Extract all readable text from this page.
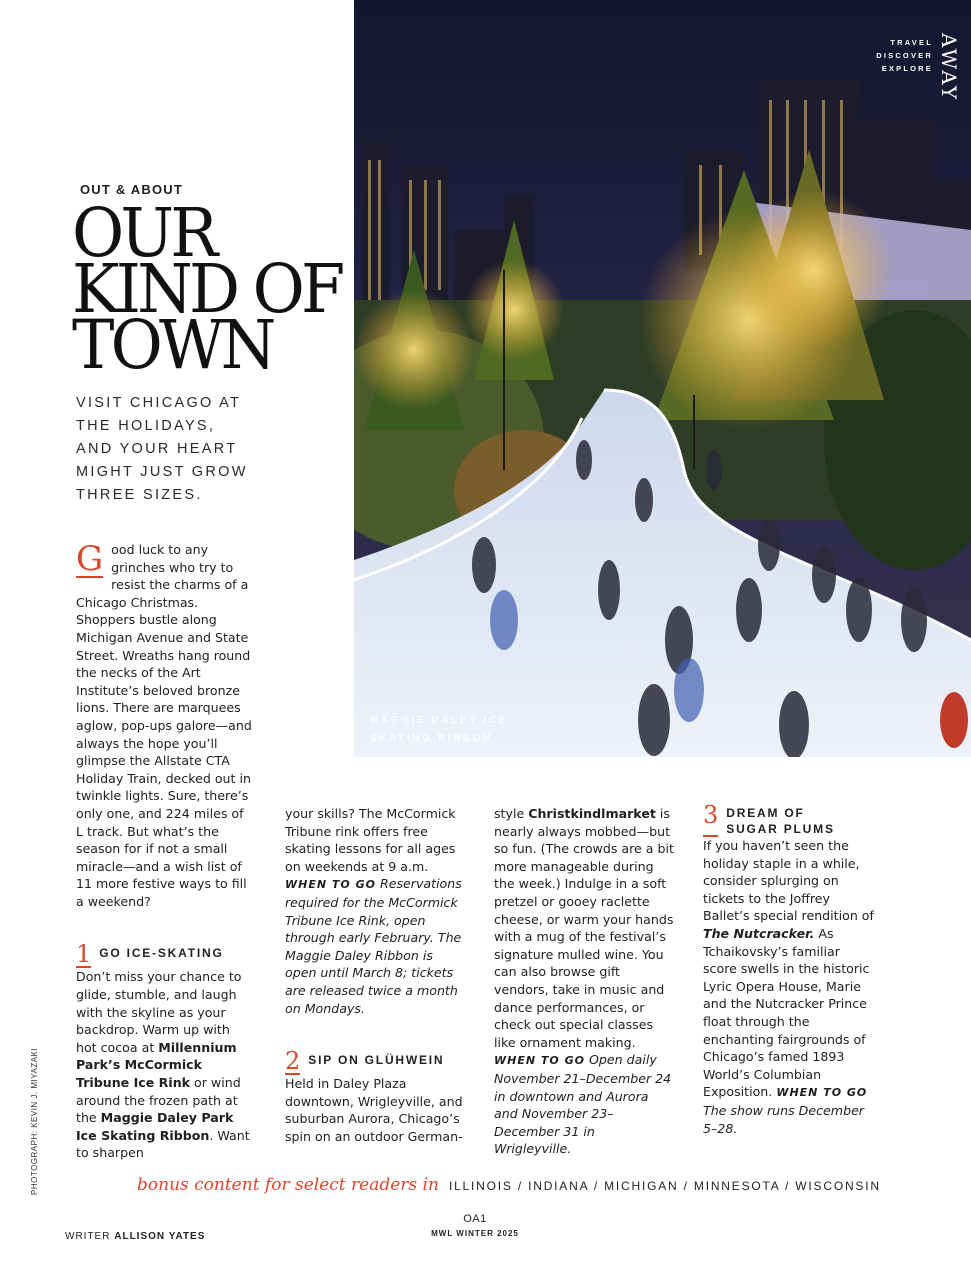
TRAVEL
DISCOVER
EXPLORE AWAY
MAGGIE DALEY ICE
SKATING RIBBON
OUT & ABOUT
OUR
KIND OF
TOWN
VISIT CHICAGO AT
THE HOLIDAYS,
AND YOUR HEART
MIGHT JUST GROW
THREE SIZES.

G ood luck to any grinches who try to resist the charms of a Chicago Christmas. Shoppers bustle along Michigan Avenue and State Street. Wreaths hang round the necks of the Art Institute’s beloved bronze lions. There are marquees aglow, pop-ups galore—and always the hope you’ll glimpse the Allstate CTA Holiday Train, decked out in twinkle lights. Sure, there’s only one, and 224 miles of L track. But what’s the season for if not a small miracle—and a wish list of 11 more festive ways to fill a weekend?

1 GO ICE-SKATING

Don’t miss your chance to glide, stumble, and laugh with the skyline as your backdrop. Warm up with hot cocoa at Millennium Park’s McCormick Tribune Ice Rink or wind around the frozen path at the Maggie Daley Park Ice Skating Ribbon. Want to sharpen

your skills? The McCormick Tribune rink offers free skating lessons for all ages on weekends at 9 a.m. WHEN TO GO Reservations required for the McCormick Tribune Ice Rink, open through early February. The Maggie Daley Ribbon is open until March 8; tickets are released twice a month on Mondays.

2 SIP ON GLÜHWEIN

Held in Daley Plaza downtown, Wrigleyville, and suburban Aurora, Chicago’s spin on an outdoor German-

style Christkindlmarket is nearly always mobbed—but so fun. (The crowds are a bit more manageable during the week.) Indulge in a soft pretzel or gooey raclette cheese, or warm your hands with a mug of the festival’s signature mulled wine. You can also browse gift vendors, take in music and dance performances, or check out special classes like ornament making. WHEN TO GO Open daily November 21–December 24 in downtown and Aurora and November 23–December 31 in Wrigleyville.

3 DREAM OF SUGAR PLUMS

If you haven’t seen the holiday staple in a while, consider splurging on tickets to the Joffrey Ballet’s special rendition of The Nutcracker. As Tchaikovsky’s familiar score swells in the historic Lyric Opera House, Marie and the Nutcracker Prince float through the enchanting fairgrounds of Chicago’s famed 1893 World’s Columbian Exposition. WHEN TO GO The show runs December 5–28.

PHOTOGRAPH: KEVIN J. MIYAZAKI	bonus content for select readers in ILLINOIS / INDIANA / MICHIGAN / MINNESOTA / WISCONSIN
WRITER ALLISON YATES
OA1
MWL WINTER 2025
